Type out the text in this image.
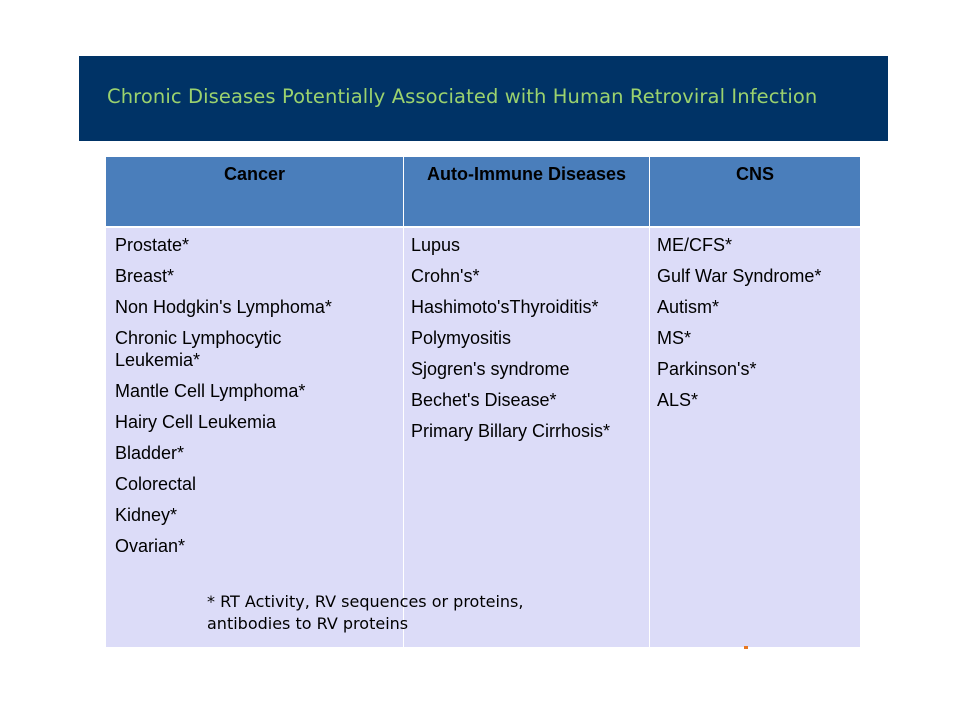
Chronic Diseases Potentially Associated with Human Retroviral Infection
Cancer	Auto-Immune Diseases	CNS
Prostate*
Breast*
Non Hodgkin's Lymphoma*
Chronic Lymphocytic Leukemia*
Mantle Cell Lymphoma*
Hairy Cell Leukemia
Bladder*
Colorectal
Kidney*
Ovarian*
Lupus
Crohn's*
Hashimoto'sThyroiditis*
Polymyositis
Sjogren's syndrome
Bechet's Disease*
Primary Billary Cirrhosis*
ME/CFS*
Gulf War Syndrome*
Autism*
MS*
Parkinson's*
ALS*
* RT Activity, RV sequences or proteins,
antibodies to RV proteins
